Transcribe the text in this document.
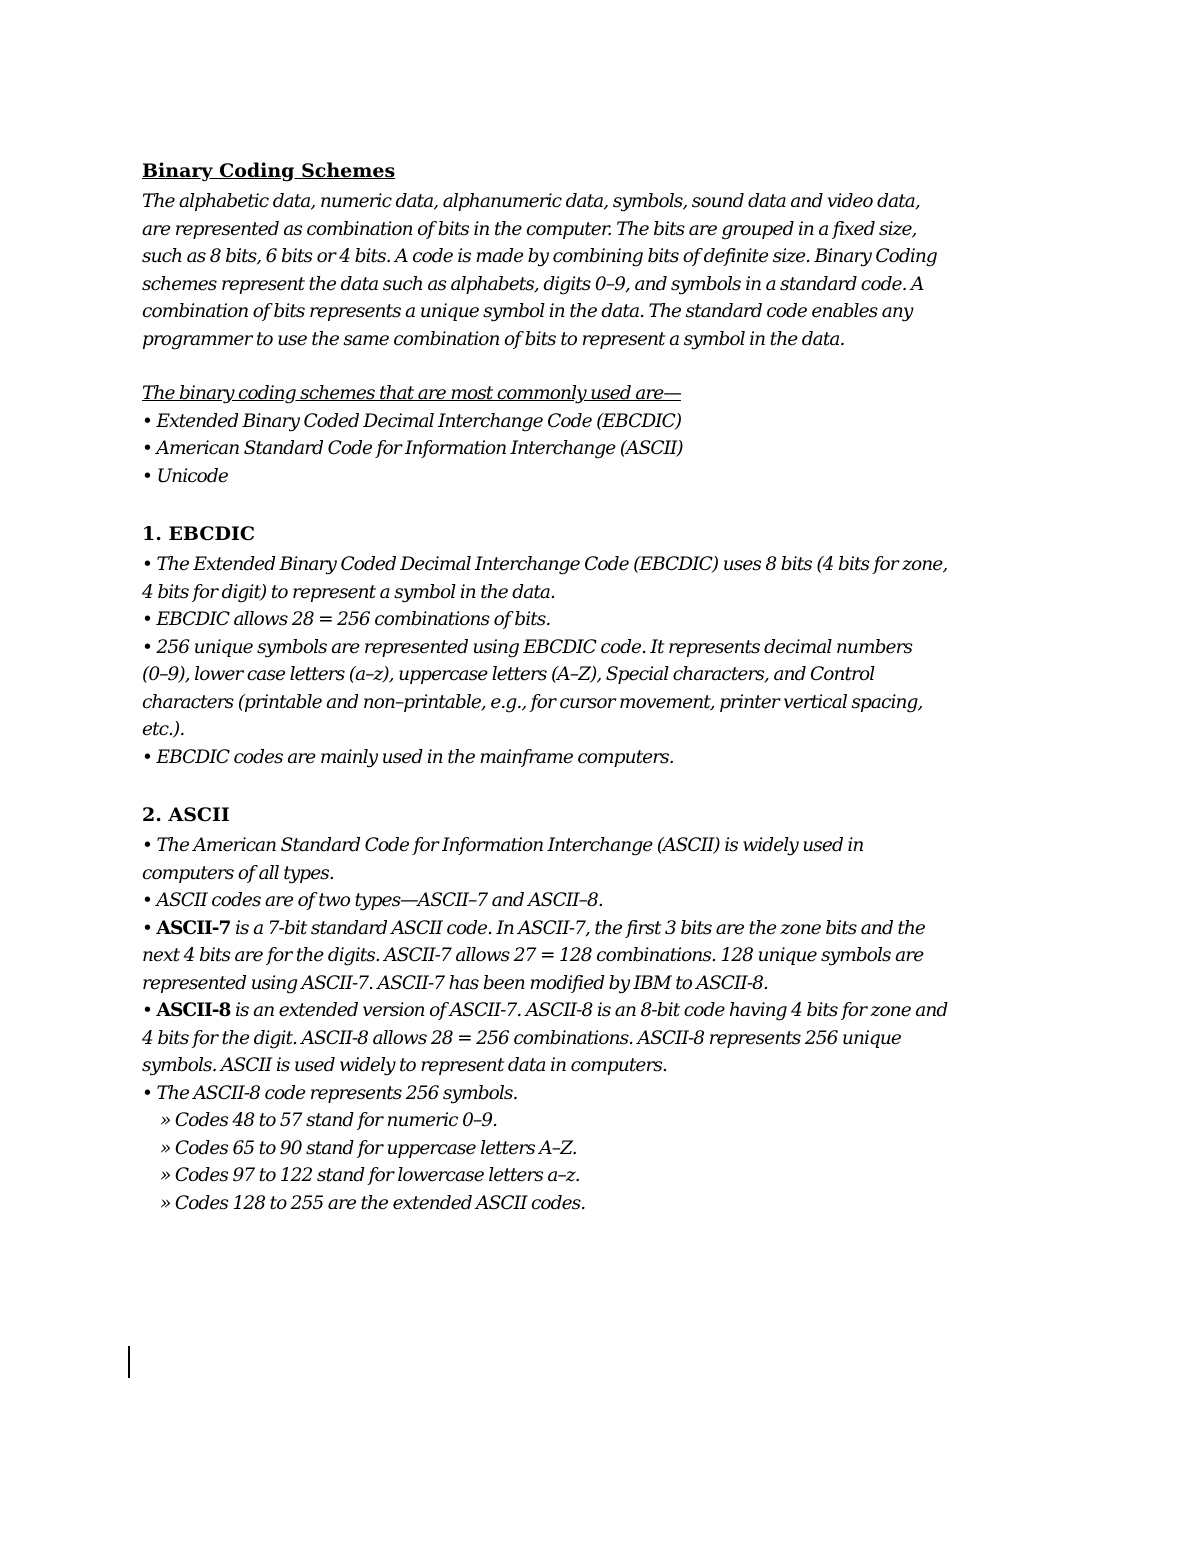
Binary Coding Schemes
The alphabetic data, numeric data, alphanumeric data, symbols, sound data and video data,
are represented as combination of bits in the computer. The bits are grouped in a fixed size,
such as 8 bits, 6 bits or 4 bits. A code is made by combining bits of definite size. Binary Coding
schemes represent the data such as alphabets, digits 0–9, and symbols in a standard code. A
combination of bits represents a unique symbol in the data. The standard code enables any
programmer to use the same combination of bits to represent a symbol in the data.
The binary coding schemes that are most commonly used are—
• Extended Binary Coded Decimal Interchange Code (EBCDIC)
• American Standard Code for Information Interchange (ASCII)
• Unicode
1. EBCDIC
• The Extended Binary Coded Decimal Interchange Code (EBCDIC) uses 8 bits (4 bits for zone,
4 bits for digit) to represent a symbol in the data.
• EBCDIC allows 28 = 256 combinations of bits.
• 256 unique symbols are represented using EBCDIC code. It represents decimal numbers
(0–9), lower case letters (a–z), uppercase letters (A–Z), Special characters, and Control
characters (printable and non–printable, e.g., for cursor movement, printer vertical spacing,
etc.).
• EBCDIC codes are mainly used in the mainframe computers.
2. ASCII
• The American Standard Code for Information Interchange (ASCII) is widely used in
computers of all types.
• ASCII codes are of two types—ASCII–7 and ASCII–8.
• ASCII-7 is a 7-bit standard ASCII code. In ASCII-7, the first 3 bits are the zone bits and the
next 4 bits are for the digits. ASCII-7 allows 27 = 128 combinations. 128 unique symbols are
represented using ASCII-7. ASCII-7 has been modified by IBM to ASCII-8.
• ASCII-8 is an extended version of ASCII-7. ASCII-8 is an 8-bit code having 4 bits for zone and
4 bits for the digit. ASCII-8 allows 28 = 256 combinations. ASCII-8 represents 256 unique
symbols. ASCII is used widely to represent data in computers.
• The ASCII-8 code represents 256 symbols.
» Codes 48 to 57 stand for numeric 0–9.
» Codes 65 to 90 stand for uppercase letters A–Z.
» Codes 97 to 122 stand for lowercase letters a–z.
» Codes 128 to 255 are the extended ASCII codes.
